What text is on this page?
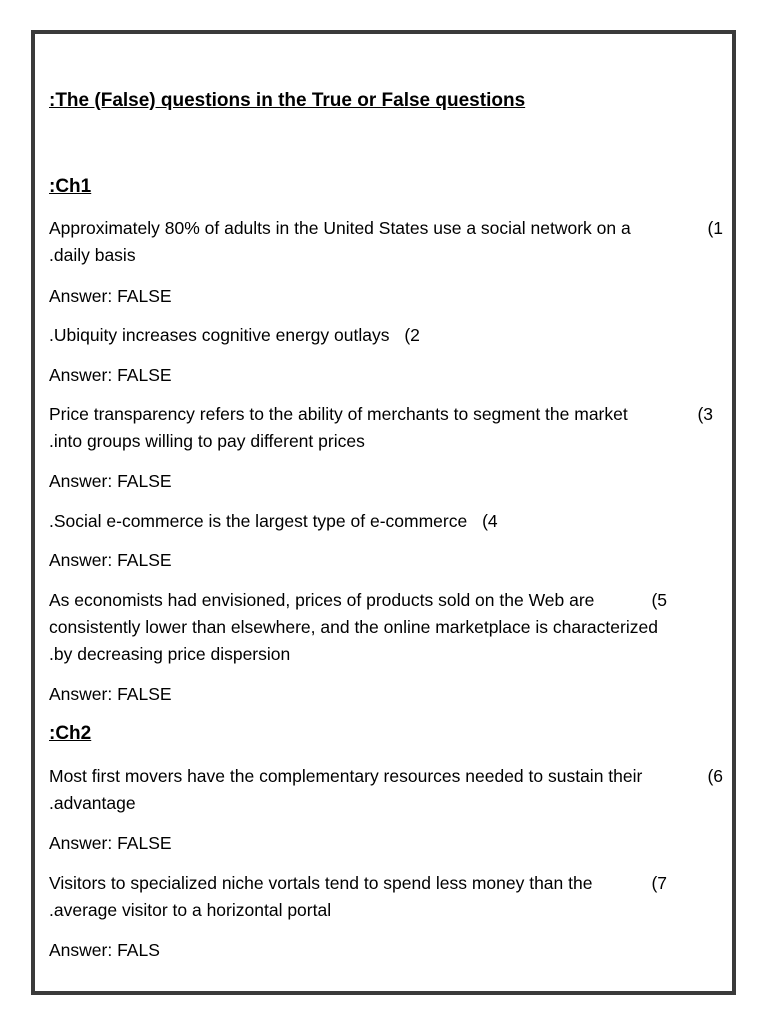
:The (False) questions in the True or False questions
:Ch1
Approximately 80% of adults in the United States use a social network on a
.daily basis
(1
Answer: FALSE
.Ubiquity increases cognitive energy outlays (2
Answer: FALSE
Price transparency refers to the ability of merchants to segment the market
.into groups willing to pay different prices
(3
Answer: FALSE
.Social e-commerce is the largest type of e-commerce (4
Answer: FALSE
As economists had envisioned, prices of products sold on the Web are
consistently lower than elsewhere, and the online marketplace is characterized
.by decreasing price dispersion
(5
Answer: FALSE
:Ch2
Most first movers have the complementary resources needed to sustain their
.advantage
(6
Answer: FALSE
Visitors to specialized niche vortals tend to spend less money than the
.average visitor to a horizontal portal
(7
Answer: FALS
